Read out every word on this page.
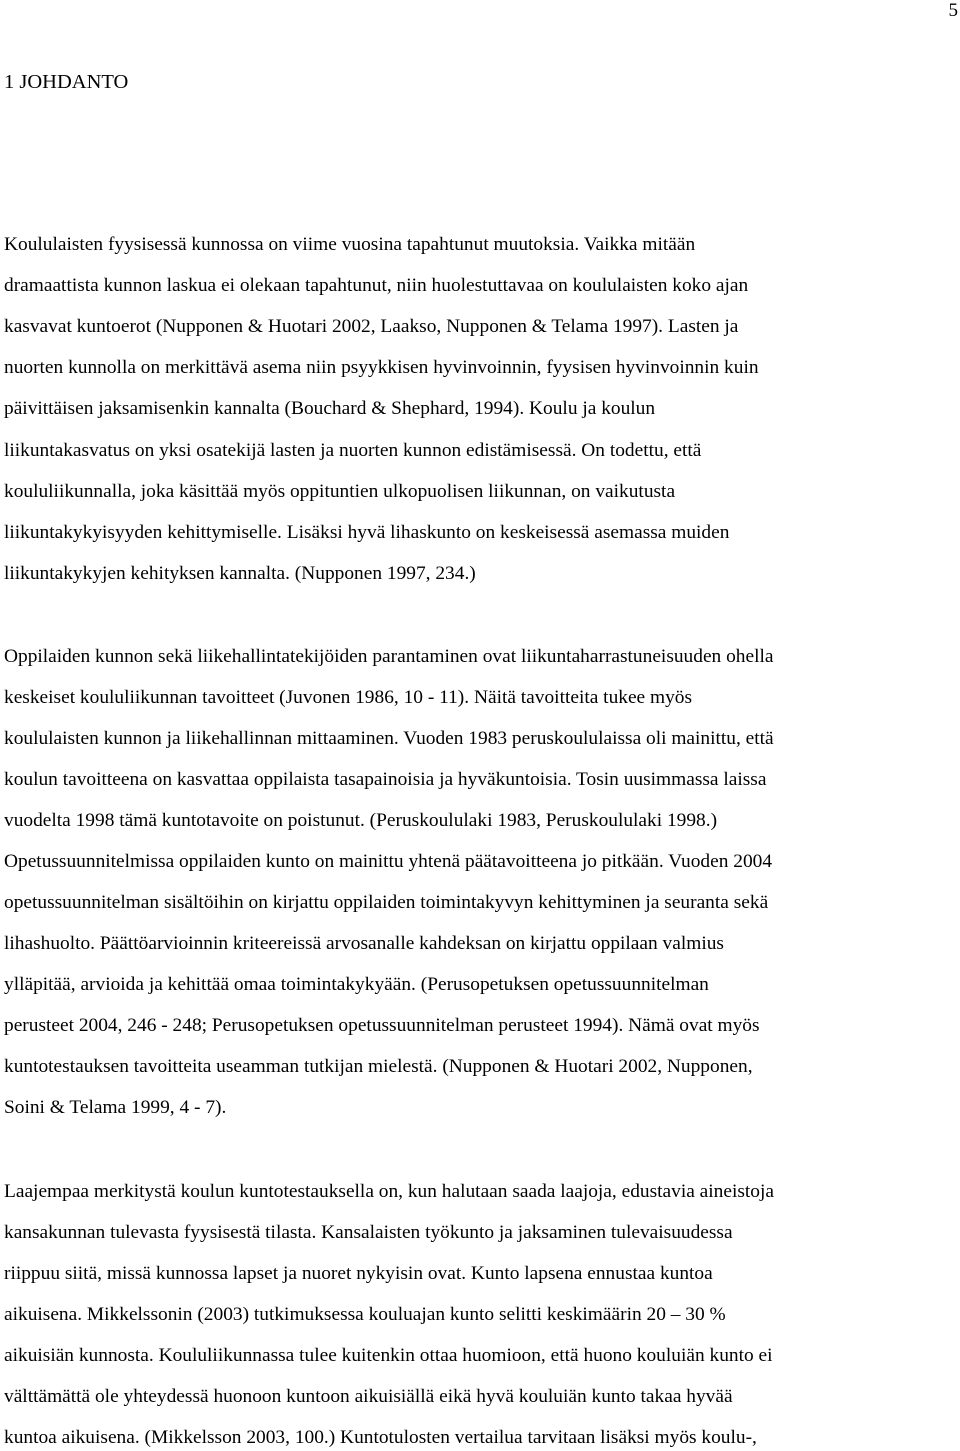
5
1 JOHDANTO

Koululaisten fyysisessä kunnossa on viime vuosina tapahtunut muutoksia. Vaikka mitään

dramaattista kunnon laskua ei olekaan tapahtunut, niin huolestuttavaa on koululaisten koko ajan

kasvavat kuntoerot (Nupponen & Huotari 2002, Laakso, Nupponen & Telama 1997). Lasten ja

nuorten kunnolla on merkittävä asema niin psyykkisen hyvinvoinnin, fyysisen hyvinvoinnin kuin

päivittäisen jaksamisenkin kannalta (Bouchard & Shephard, 1994). Koulu ja koulun

liikuntakasvatus on yksi osatekijä lasten ja nuorten kunnon edistämisessä. On todettu, että

koululiikunnalla, joka käsittää myös oppituntien ulkopuolisen liikunnan, on vaikutusta

liikuntakykyisyyden kehittymiselle. Lisäksi hyvä lihaskunto on keskeisessä asemassa muiden

liikuntakykyjen kehityksen kannalta. (Nupponen 1997, 234.)

Oppilaiden kunnon sekä liikehallintatekijöiden parantaminen ovat liikuntaharrastuneisuuden ohella

keskeiset koululiikunnan tavoitteet (Juvonen 1986, 10 - 11). Näitä tavoitteita tukee myös

koululaisten kunnon ja liikehallinnan mittaaminen. Vuoden 1983 peruskoululaissa oli mainittu, että

koulun tavoitteena on kasvattaa oppilaista tasapainoisia ja hyväkuntoisia. Tosin uusimmassa laissa

vuodelta 1998 tämä kuntotavoite on poistunut. (Peruskoululaki 1983, Peruskoululaki 1998.)

Opetussuunnitelmissa oppilaiden kunto on mainittu yhtenä päätavoitteena jo pitkään. Vuoden 2004

opetussuunnitelman sisältöihin on kirjattu oppilaiden toimintakyvyn kehittyminen ja seuranta sekä

lihashuolto. Päättöarvioinnin kriteereissä arvosanalle kahdeksan on kirjattu oppilaan valmius

ylläpitää, arvioida ja kehittää omaa toimintakykyään. (Perusopetuksen opetussuunnitelman

perusteet 2004, 246 - 248; Perusopetuksen opetussuunnitelman perusteet 1994). Nämä ovat myös

kuntotestauksen tavoitteita useamman tutkijan mielestä. (Nupponen & Huotari 2002, Nupponen,

Soini & Telama 1999, 4 - 7).

Laajempaa merkitystä koulun kuntotestauksella on, kun halutaan saada laajoja, edustavia aineistoja

kansakunnan tulevasta fyysisestä tilasta. Kansalaisten työkunto ja jaksaminen tulevaisuudessa

riippuu siitä, missä kunnossa lapset ja nuoret nykyisin ovat. Kunto lapsena ennustaa kuntoa

aikuisena. Mikkelssonin (2003) tutkimuksessa kouluajan kunto selitti keskimäärin 20 – 30 %

aikuisiän kunnosta. Koululiikunnassa tulee kuitenkin ottaa huomioon, että huono kouluiän kunto ei

välttämättä ole yhteydessä huonoon kuntoon aikuisiällä eikä hyvä kouluiän kunto takaa hyvää

kuntoa aikuisena. (Mikkelsson 2003, 100.) Kuntotulosten vertailua tarvitaan lisäksi myös koulu-,
